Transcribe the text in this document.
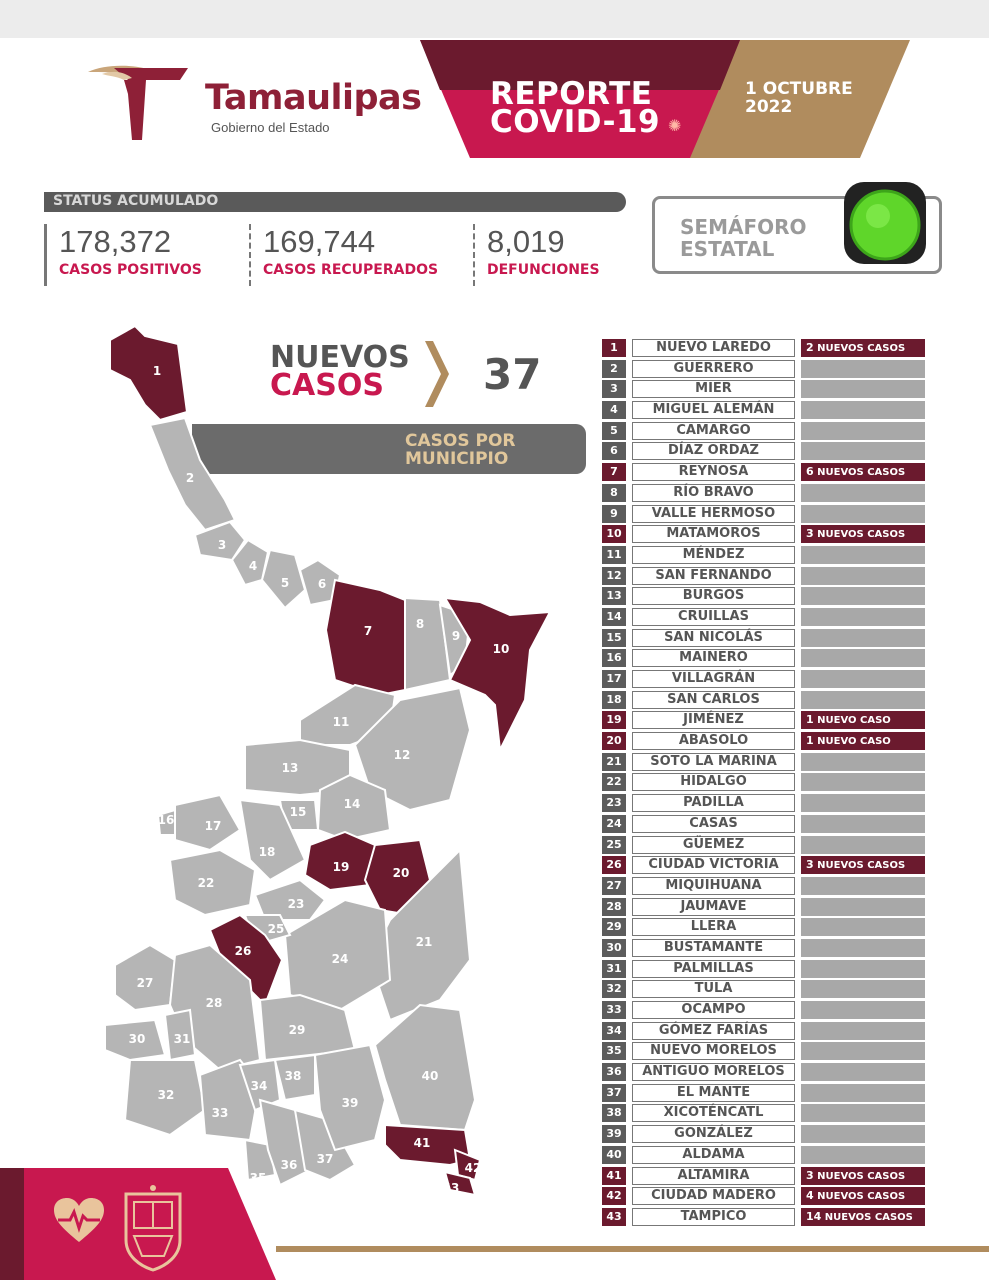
Tamaulipas
Gobierno del Estado
REPORTE
COVID-19 ✺
1 OCTUBRE
2022
STATUS ACUMULADO
178,372
CASOS POSITIVOS
169,744
CASOS RECUPERADOS
8,019
DEFUNCIONES
SEMÁFORO
ESTATAL
NUEVOS
CASOS	37
CASOS POR
MUNICIPIO
1
2
3
4
5 6
7	8
9
10
11
12
13
14
15
16	17
18
19	20
21
22
23
24
25
26
27
28
29
30 31
32
33
34
35
36 37
38
39
40
41
42
43
1	NUEVO LAREDO	2 NUEVOS CASOS
2	GUERRERO
3	MIER
4	MIGUEL ALEMÁN
5	CAMARGO
6	DÍAZ ORDAZ
7	REYNOSA	6 NUEVOS CASOS
8	RÍO BRAVO
9	VALLE HERMOSO
10	MATAMOROS	3 NUEVOS CASOS
11	MÉNDEZ
12	SAN FERNANDO
13	BURGOS
14	CRUILLAS
15	SAN NICOLÁS
16	MAINERO
17	VILLAGRÁN
18	SAN CARLOS
19	JIMÉNEZ	1 NUEVO CASO
20	ABASOLO	1 NUEVO CASO
21	SOTO LA MARINA
22	HIDALGO
23	PADILLA
24	CASAS
25	GÜEMEZ
26	CIUDAD VICTORIA	3 NUEVOS CASOS
27	MIQUIHUANA
28	JAUMAVE
29	LLERA
30	BUSTAMANTE
31	PALMILLAS
32	TULA
33	OCAMPO
34	GÓMEZ FARÍAS
35	NUEVO MORELOS
36	ANTIGUO MORELOS
37	EL MANTE
38	XICOTÉNCATL
39	GONZÁLEZ
40	ALDAMA
41	ALTAMIRA	3 NUEVOS CASOS
42	CIUDAD MADERO	4 NUEVOS CASOS
43	TAMPICO	14 NUEVOS CASOS
